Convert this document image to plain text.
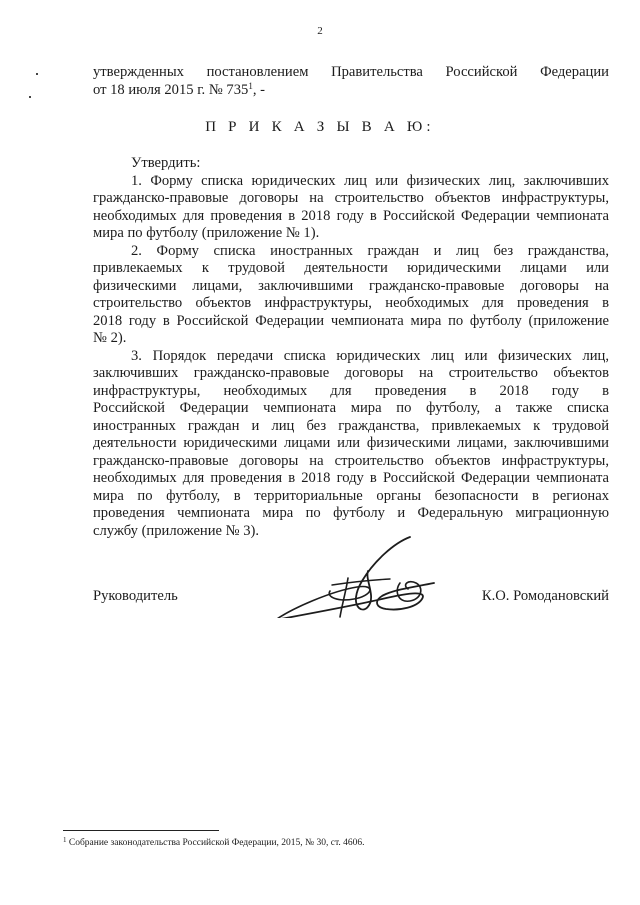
2
утвержденных постановлением Правительства Российской Федерации
от 18 июля 2015 г. № $735^1$, -
П Р И К А З Ы В А Ю:
Утвердить:
1. Форму списка юридических лиц или физических лиц, заключивших
гражданско-правовые договоры на строительство объектов инфраструктуры,
необходимых для проведения в 2018 году в Российской Федерации чемпионата
мира по футболу (приложение № 1).
2. Форму списка иностранных граждан и лиц без гражданства,
привлекаемых к трудовой деятельности юридическими лицами или
физическими лицами, заключившими гражданско-правовые договоры на
строительство объектов инфраструктуры, необходимых для проведения в
2018 году в Российской Федерации чемпионата мира по футболу (приложение
№ 2).
3. Порядок передачи списка юридических лиц или физических лиц,
заключивших гражданско-правовые договоры на строительство объектов
инфраструктуры, необходимых для проведения в 2018 году в
Российской Федерации чемпионата мира по футболу, а также списка
иностранных граждан и лиц без гражданства, привлекаемых к трудовой
деятельности юридическими лицами или физическими лицами, заключившими
гражданско-правовые договоры на строительство объектов инфраструктуры,
необходимых для проведения в 2018 году в Российской Федерации чемпионата
мира по футболу, в территориальные органы безопасности в регионах
проведения чемпионата мира по футболу и Федеральную миграционную
службу (приложение № 3).
Руководитель	К.О. Ромодановский
$^1$ Собрание законодательства Российской Федерации, 2015, № 30, ст. 4606.
